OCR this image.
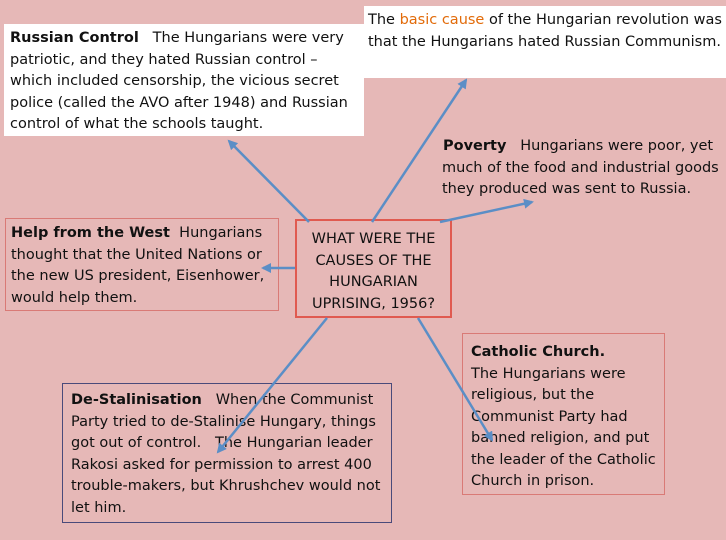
Russian Control   The Hungarians were very patriotic, and they hated Russian control – which included censorship, the vicious secret police (called the AVO after 1948) and Russian control of what the schools taught.
The basic cause of the Hungarian revolution was that the Hungarians hated Russian Communism.
Poverty   Hungarians were poor, yet much of the food and industrial goods they produced was sent to Russia.
Help from the West  Hungarians thought that the United Nations or the new US president, Eisenhower, would help them.
WHAT WERE THE CAUSES OF THE HUNGARIAN UPRISING, 1956?
De-Stalinisation   When the Communist Party tried to de-Stalinise Hungary, things got out of control.   The Hungarian leader Rakosi asked for permission to arrest 400 trouble-makers, but Khrushchev would not let him.
Catholic Church.
The Hungarians were religious, but the Communist Party had banned religion, and put the leader of the Catholic Church in prison.
